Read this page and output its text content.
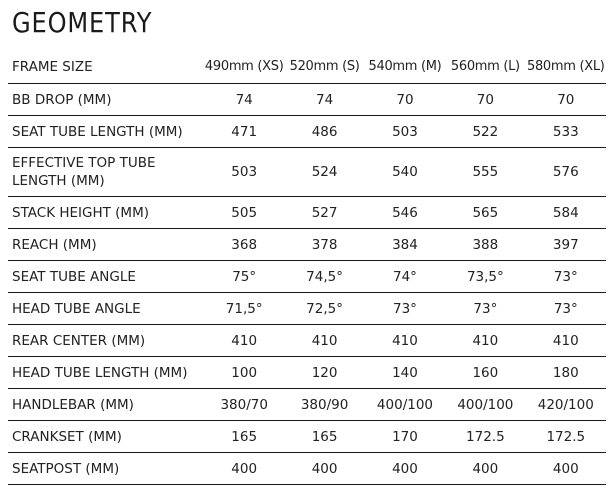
GEOMETRY
FRAME SIZE	490mm (XS)	520mm (S)	540mm (M)	560mm (L)	580mm (XL)
BB DROP (MM)	74	74	70	70	70
SEAT TUBE LENGTH (MM)	471	486	503	522	533
EFFECTIVE TOP TUBE LENGTH (MM)	503	524	540	555	576
STACK HEIGHT (MM)	505	527	546	565	584
REACH (MM)	368	378	384	388	397
SEAT TUBE ANGLE	75°	74,5°	74°	73,5°	73°
HEAD TUBE ANGLE	71,5°	72,5°	73°	73°	73°
REAR CENTER (MM)	410	410	410	410	410
HEAD TUBE LENGTH (MM)	100	120	140	160	180
HANDLEBAR (MM)	380/70	380/90	400/100	400/100	420/100
CRANKSET (MM)	165	165	170	172.5	172.5
SEATPOST (MM)	400	400	400	400	400
